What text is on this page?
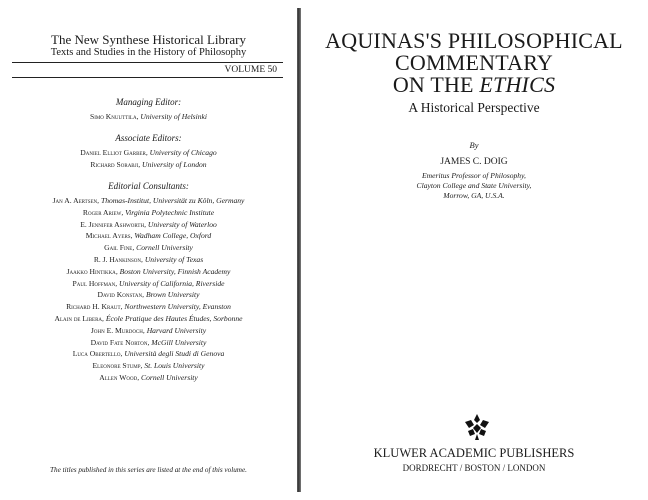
The New Synthese Historical Library
Texts and Studies in the History of Philosophy
VOLUME 50
Managing Editor:
Simo Knuuttila, University of Helsinki
Associate Editors:
Daniel Elliot Garber, University of Chicago
Richard Sorabji, University of London
Editorial Consultants:
Jan A. Aertsen, Thomas-Institut, Universität zu Köln, Germany
Roger Ariew, Virginia Polytechnic Institute
E. Jennifer Ashworth, University of Waterloo
Michael Ayers, Wadham College, Oxford
Gail Fine, Cornell University
R. J. Hankinson, University of Texas
Jaakko Hintikka, Boston University, Finnish Academy
Paul Hoffman, University of California, Riverside
David Konstan, Brown University
Richard H. Kraut, Northwestern University, Evanston
Alain de Libera, École Pratique des Hautes Études, Sorbonne
John E. Murdoch, Harvard University
David Fate Norton, McGill University
Luca Obertello, Università degli Studi di Genova
Eleonore Stump, St. Louis University
Allen Wood, Cornell University
The titles published in this series are listed at the end of this volume.
AQUINAS'S PHILOSOPHICAL
COMMENTARY
ON THE ETHICS
A Historical Perspective
By
JAMES C. DOIG
Emeritus Professor of Philosophy,
Clayton College and State University,
Morrow, GA, U.S.A.
KLUWER ACADEMIC PUBLISHERS
DORDRECHT / BOSTON / LONDON
